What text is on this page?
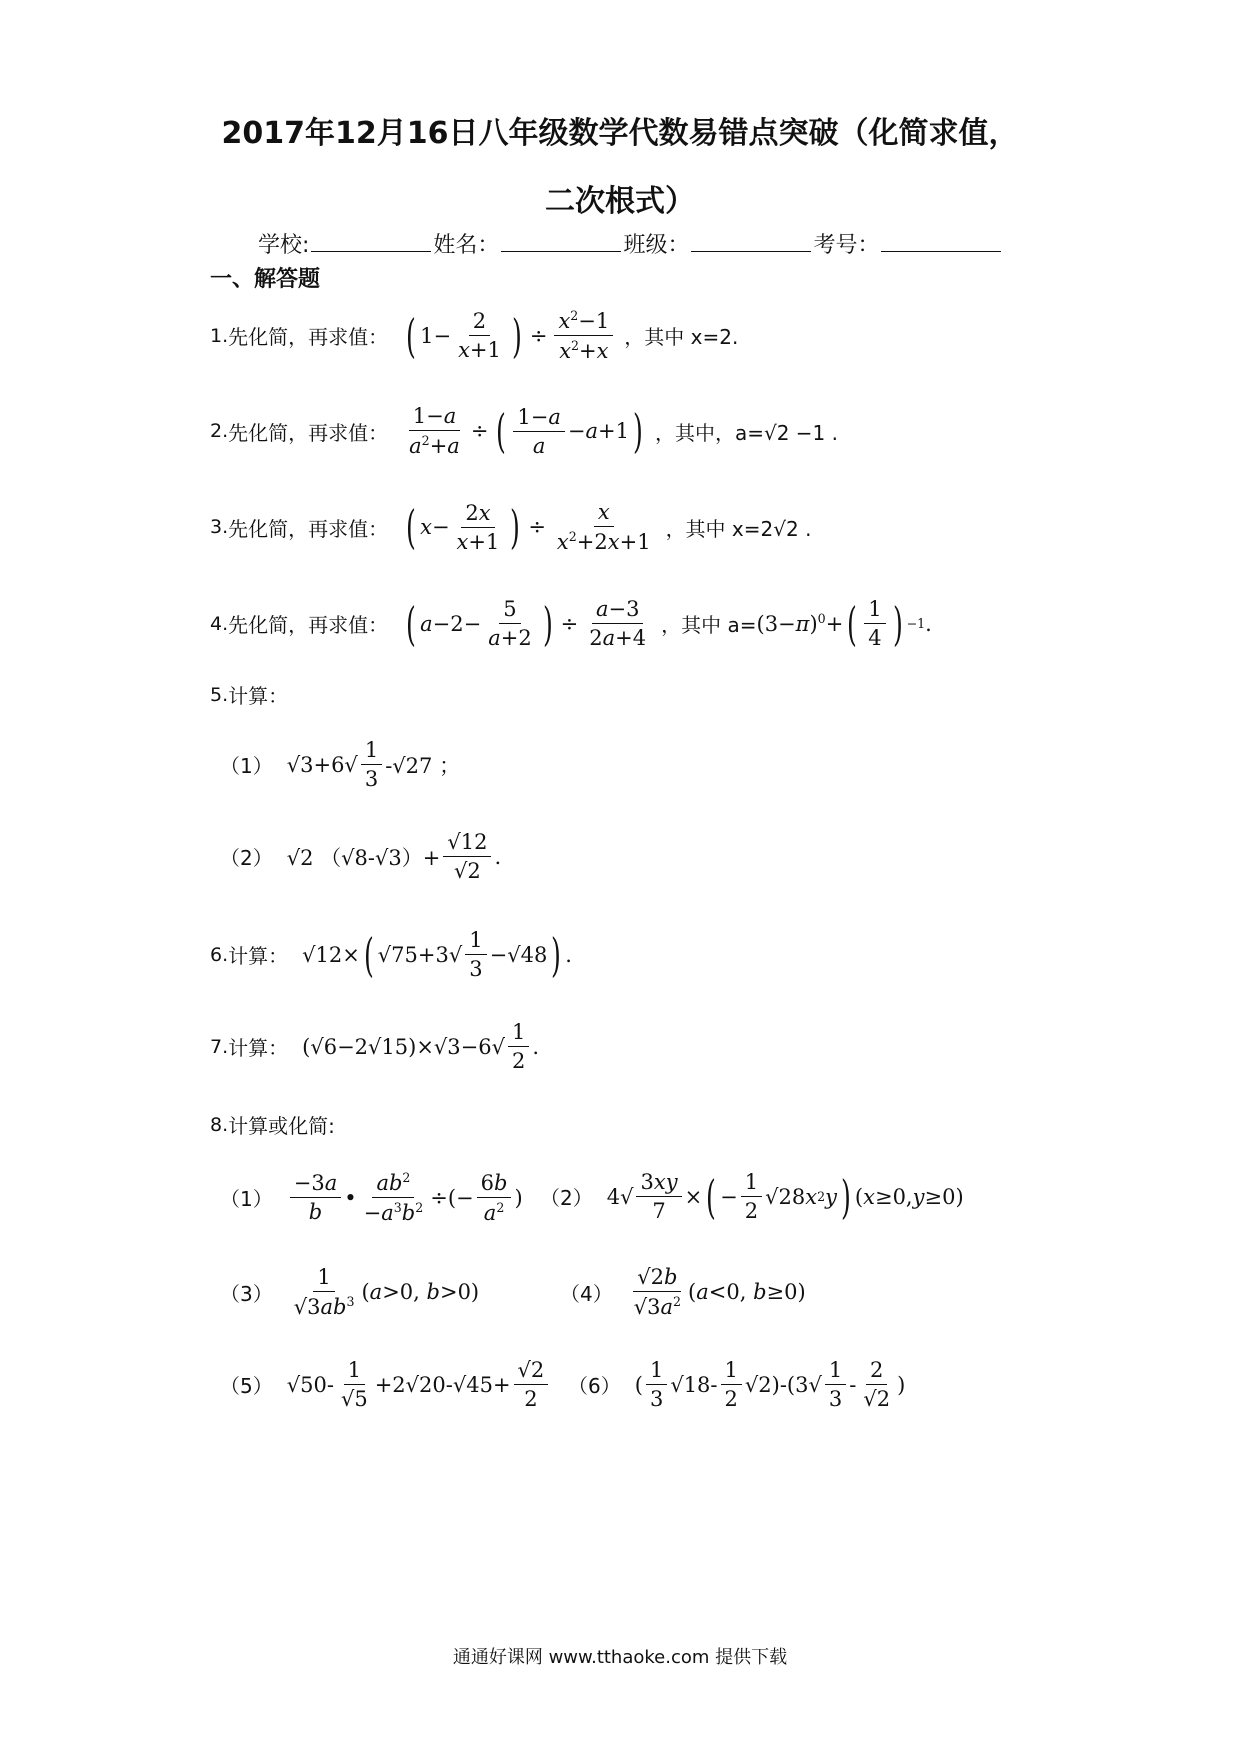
2017年12月16日八年级数学代数易错点突破（化简求值，
二次根式）
学校:	姓名：	班级：	考号：
一、解答题
1. 先化简，再求值： ( $1- \frac{2}{x+1}$ ) ÷ $\frac{x^2-1}{x^2+x}$ ，其中 x=2.
2. 先化简，再求值： $\frac{1-a}{a^2+a}$ ÷ ( $\frac{1-a}{a} - a +1$ ) ，其中，a=√2 −1 .
3. 先化简，再求值： ( $x - \frac{2x}{x+1}$ ) ÷ $\frac{x}{x^2+2x+1}$ ，其中 x=2√2 .
4. 先化简，再求值： ( $a -2- \frac{5}{a+2}$ ) ÷ $\frac{a-3}{2a+4}$ ，其中 $a= (3-\pi)^0+$ ( $\frac{1}{4}$ ) −1 .
5. 计算：
（1） $√3+6√ \frac{1}{3} -√27$ ；
（2） √2 $(√8-√3)+ \frac{√12}{√2}$ .
6. 计算： √12× ( $√75+3√ \frac{1}{3} -√48$ ) .
7. 计算： $(√6-2√15)\times√3-6√ \frac{1}{2}$ .
8. 计算或化简:
$(1) \frac{-3a}{b}$ • $\frac{ab^2}{-a^3b^2}$ ÷(− $\frac{6b}{a^2}$ ) （2） $4√ \frac{3xy}{7}$ × ( − $\frac{1}{2} √28$ x 2 y ) ( x ≥0, y ≥0)
$(3) \frac{1}{√3ab^3}$ ( a >0, b >0)	$(4) \frac{√2b}{√3a^2}$ ( a <0, b ≥0)
（5） $√50- \frac{1}{√5} +2√20-√45+ \frac{√2}{2} (6)$ ( $\frac{1}{3} √18- \frac{1}{2} √2)-(3√ \frac{1}{3} - \frac{2}{√2}$ )
通通好课网 www.tthaoke.com 提供下载
